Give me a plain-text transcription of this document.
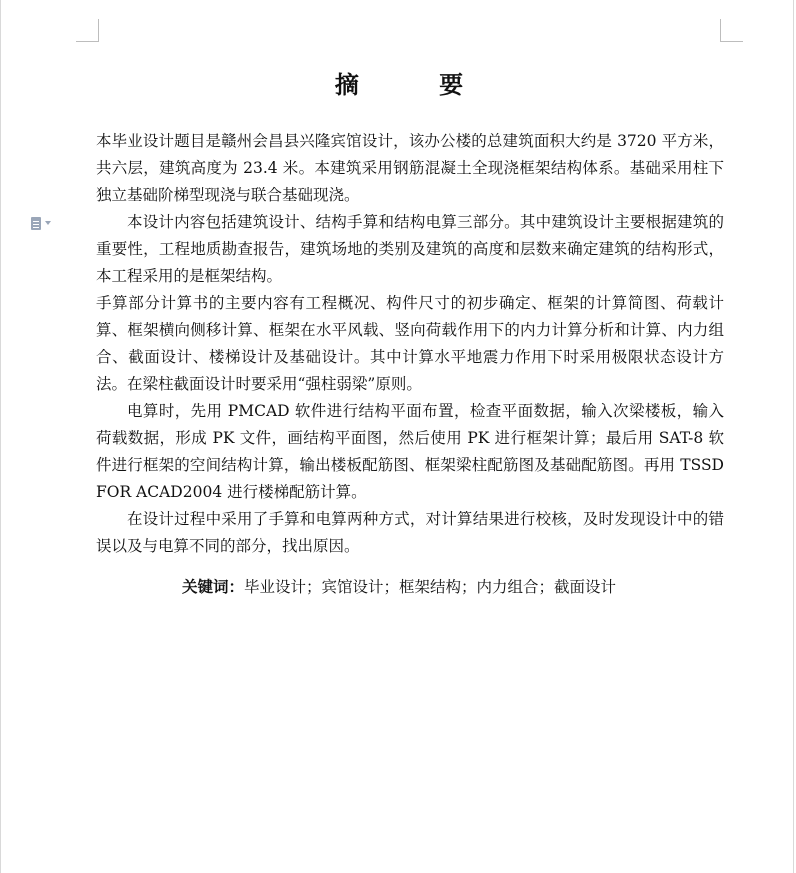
摘 要

本毕业设计题目是赣州会昌县兴隆宾馆设计，该办公楼的总建筑面积大约是 3720 平方米，共六层，建筑高度为 23.4 米。本建筑采用钢筋混凝土全现浇框架结构体系。基础采用柱下独立基础阶梯型现浇与联合基础现浇。

本设计内容包括建筑设计、结构手算和结构电算三部分。其中建筑设计主要根据建筑的重要性，工程地质勘查报告，建筑场地的类别及建筑的高度和层数来确定建筑的结构形式，本工程采用的是框架结构。

手算部分计算书的主要内容有工程概况、构件尺寸的初步确定、框架的计算简图、荷载计算、框架横向侧移计算、框架在水平风载、竖向荷载作用下的内力计算分析和计算、内力组合、截面设计、楼梯设计及基础设计。其中计算水平地震力作用下时采用极限状态设计方法。在梁柱截面设计时要采用“强柱弱梁”原则。

电算时，先用 PMCAD 软件进行结构平面布置，检查平面数据，输入次梁楼板，输入荷载数据，形成 PK 文件，画结构平面图，然后使用 PK 进行框架计算；最后用 SAT-8 软件进行框架的空间结构计算，输出楼板配筋图、框架梁柱配筋图及基础配筋图。再用 TSSD FOR ACAD2004 进行楼梯配筋计算。

在设计过程中采用了手算和电算两种方式，对计算结果进行校核，及时发现设计中的错误以及与电算不同的部分，找出原因。

关键词：毕业设计；宾馆设计；框架结构；内力组合；截面设计
